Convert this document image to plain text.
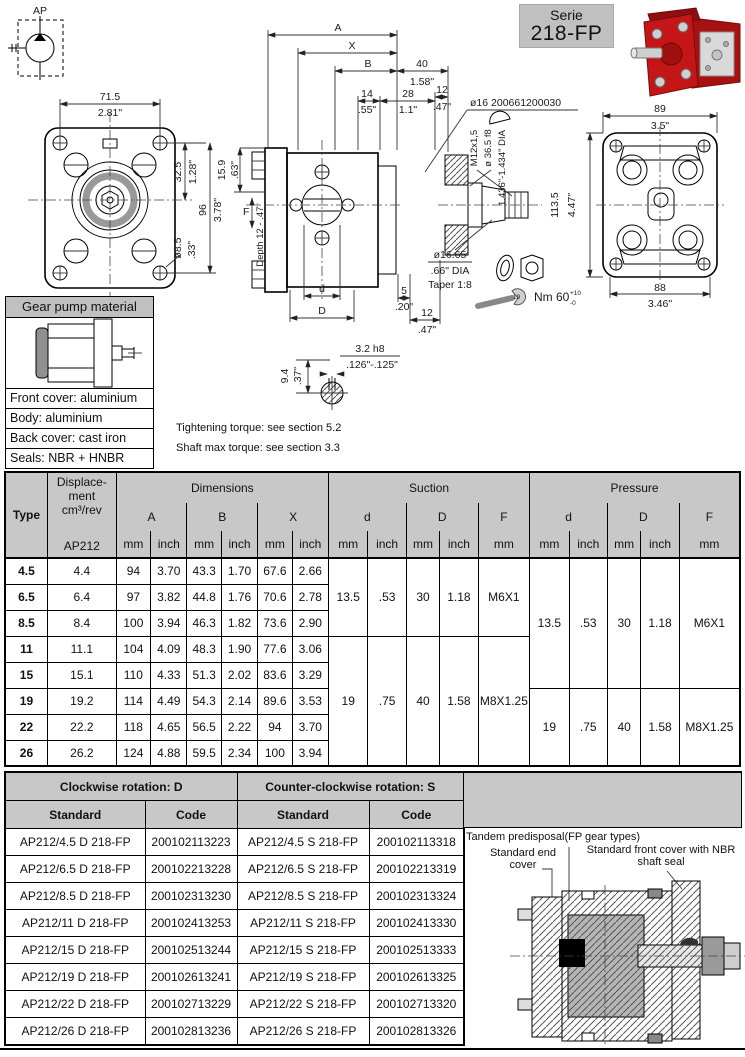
AP
71.5
2.81"
32.5 1.28"
96 3.78"
ø8.5 .33"
A
X
B	40
1.58"
14
.55"
28
1.1"
12
.47"
15.9 .63"
F Depth 12 - .47"
d
D
5
.20" 12
.47"
ø16 200661200030
M12x1,5 ø 36.5 f8 1.436"-1.434" DIA
ø16.65
.66" DIA
Taper 1:8
19 Nm 60 +10
-0
89
3.5"
88
3.46"
113.5 4.47"
3.2 h8
.126"-.125"
9.4 .37"
Serie
218-FP
Gear pump material
Front cover: aluminium
Body: aluminium
Back cover: cast iron
Seals: NBR + HNBR
Tightening torque: see section 5.2
Shaft max torque: see section 3.3
Type	Displace-
ment
cm³/rev
AP212	Dimensions						Suction					Pressure				
		A		B		X		d		D		F	d		D		F
		mm	inch	mm	inch	mm	inch	mm	inch	mm	inch	mm	mm	inch	mm	inch	mm
4.5	4.4	94	3.70	43.3	1.70	67.6	2.66	13.5	.53	30	1.18	M6X1	13.5	.53	30	1.18	M6X1
6.5	6.4	97	3.82	44.8	1.76	70.6	2.78										
8.5	8.4	100	3.94	46.3	1.82	73.6	2.90										
11	11.1	104	4.09	48.3	1.90	77.6	3.06	19	.75	40	1.58	M8X1.25					
15	15.1	110	4.33	51.3	2.02	83.6	3.29										
19	19.2	114	4.49	54.3	2.14	89.6	3.53						19	.75	40	1.58	M8X1.25
22	22.2	118	4.65	56.5	2.22	94	3.70										
26	26.2	124	4.88	59.5	2.34	100	3.94										
Clockwise rotation: D		Counter-clockwise rotation: S	
Standard	Code	Standard	Code
AP212/4.5 D 218-FP	200102113223	AP212/4.5 S 218-FP	200102113318
AP212/6.5 D 218-FP	200102213228	AP212/6.5 S 218-FP	200102213319
AP212/8.5 D 218-FP	200102313230	AP212/8.5 S 218-FP	200102313324
AP212/11 D 218-FP	200102413253	AP212/11 S 218-FP	200102413330
AP212/15 D 218-FP	200102513244	AP212/15 S 218-FP	200102513333
AP212/19 D 218-FP	200102613241	AP212/19 S 218-FP	200102613325
AP212/22 D 218-FP	200102713229	AP212/22 S 218-FP	200102713320
AP212/26 D 218-FP	200102813236	AP212/26 S 218-FP	200102813326
Tandem predisposal(FP gear types)
Standard end cover
Standard front cover with NBR shaft seal
